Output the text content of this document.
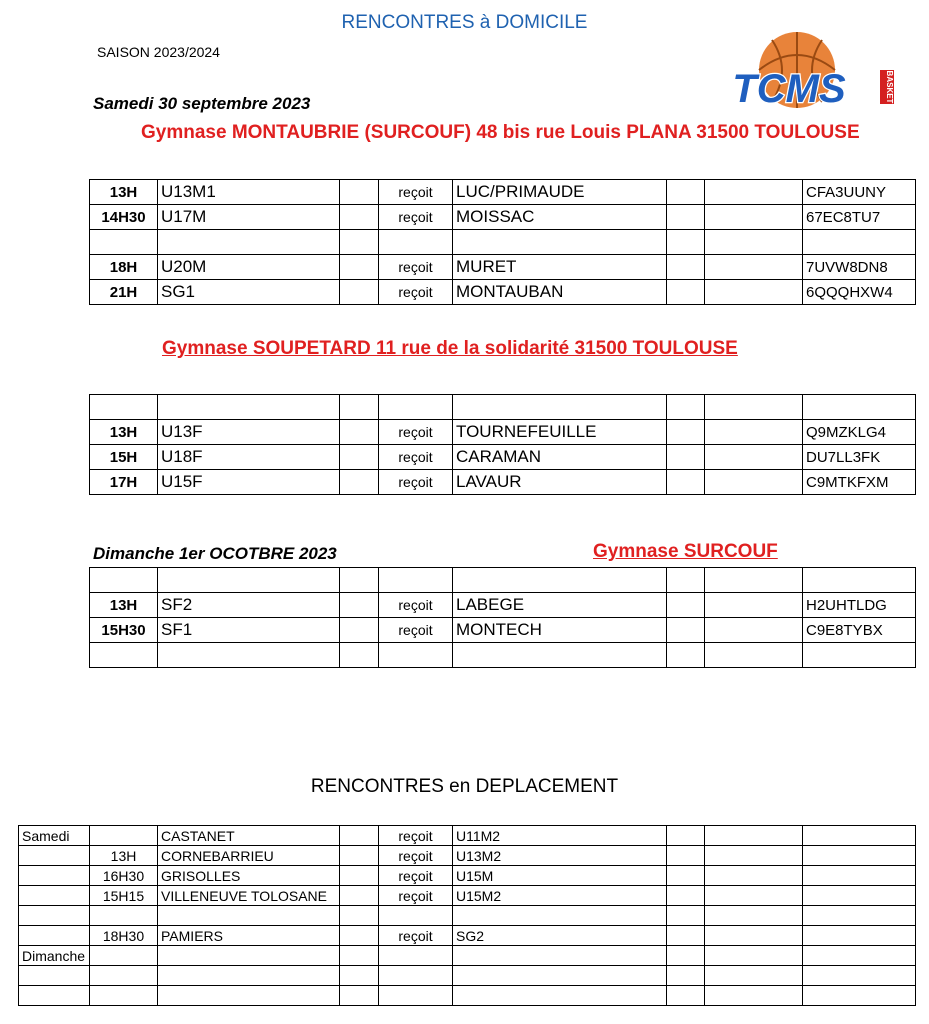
RENCONTRES à DOMICILE
SAISON 2023/2024
TCMS	BASKET
Samedi 30 septembre 2023
Gymnase MONTAUBRIE (SURCOUF) 48 bis rue Louis PLANA 31500 TOULOUSE
13H	U13M1		reçoit	LUC/PRIMAUDE			CFA3UUNY
14H30	U17M		reçoit	MOISSAC			67EC8TU7

18H	U20M		reçoit	MURET			7UVW8DN8
21H	SG1		reçoit	MONTAUBAN			6QQQHXW4
Gymnase SOUPETARD 11 rue de la solidarité 31500 TOULOUSE

13H	U13F		reçoit	TOURNEFEUILLE			Q9MZKLG4
15H	U18F		reçoit	CARAMAN			DU7LL3FK
17H	U15F		reçoit	LAVAUR			C9MTKFXM
Dimanche 1er OCOTBRE 2023	Gymnase SURCOUF

13H	SF2		reçoit	LABEGE			H2UHTLDG
15H30	SF1		reçoit	MONTECH			C9E8TYBX

RENCONTRES en DEPLACEMENT
Samedi		CASTANET		reçoit	U11M2			
	13H	CORNEBARRIEU		reçoit	U13M2			
	16H30	GRISOLLES		reçoit	U15M			
	15H15	VILLENEUVE TOLOSANE		reçoit	U15M2			

	18H30	PAMIERS		reçoit	SG2			
Dimanche								
